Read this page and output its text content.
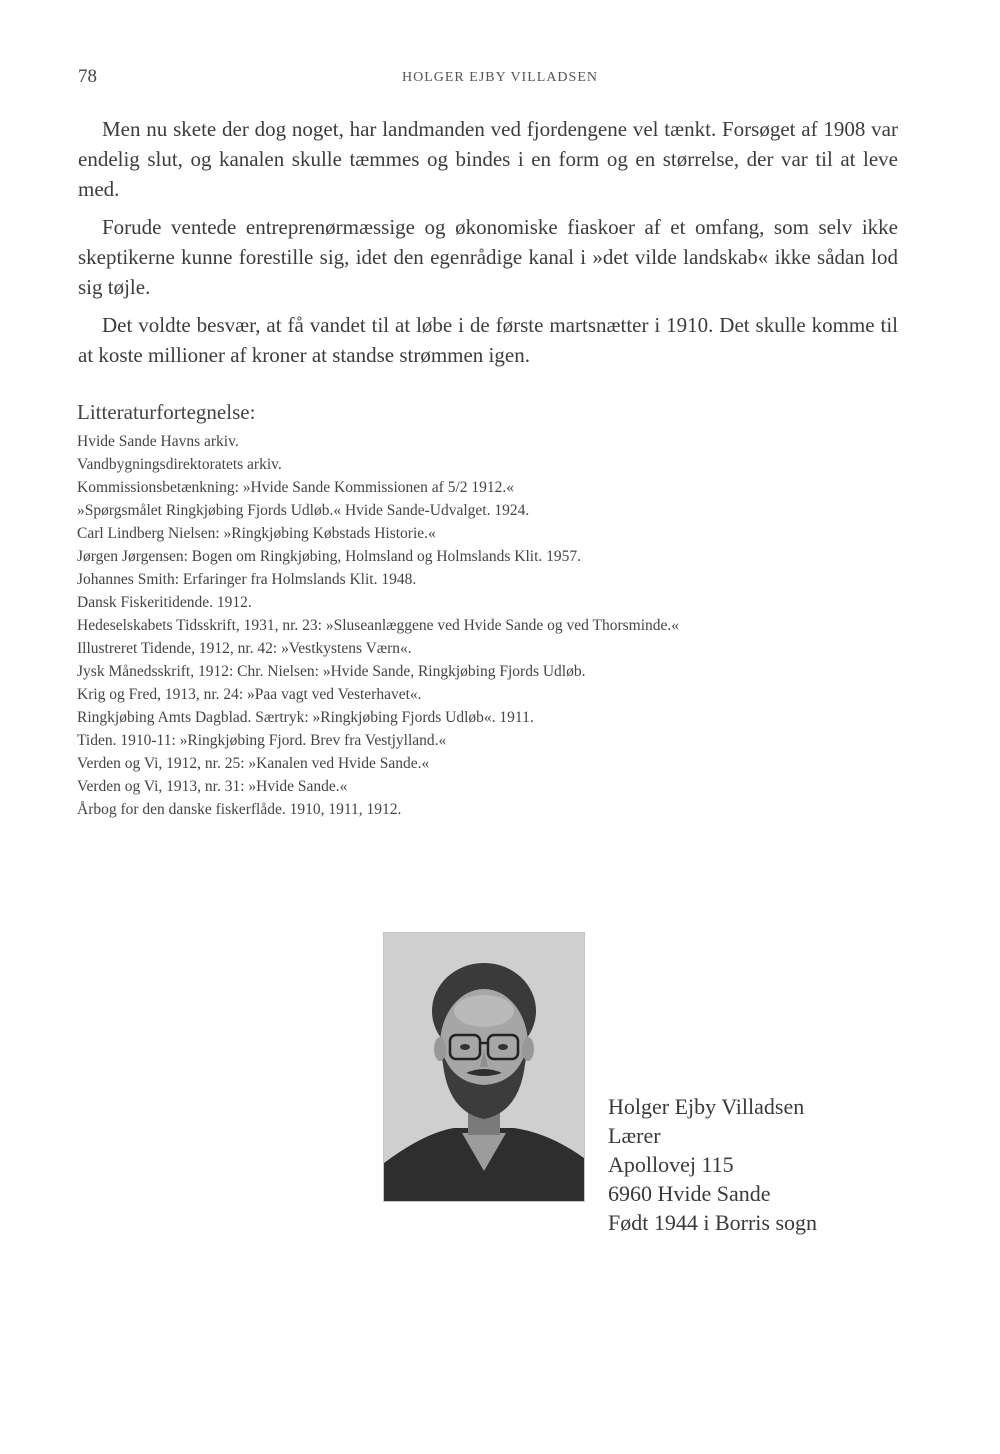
78	HOLGER EJBY VILLADSEN

Men nu skete der dog noget, har landmanden ved fjordengene vel tænkt. Forsøget af 1908 var endelig slut, og kanalen skulle tæmmes og bindes i en form og en størrelse, der var til at leve med.

Forude ventede entreprenørmæssige og økonomiske fiaskoer af et omfang, som selv ikke skeptikerne kunne forestille sig, idet den egenrådige kanal i »det vilde landskab« ikke sådan lod sig tøjle.

Det voldte besvær, at få vandet til at løbe i de første martsnætter i 1910. Det skulle komme til at koste millioner af kroner at standse strømmen igen.

Litteraturfortegnelse:
Hvide Sande Havns arkiv.
Vandbygningsdirektoratets arkiv.
Kommissionsbetænkning: »Hvide Sande Kommissionen af 5/2 1912.«
»Spørgsmålet Ringkjøbing Fjords Udløb.« Hvide Sande-Udvalget. 1924.
Carl Lindberg Nielsen: »Ringkjøbing Købstads Historie.«
Jørgen Jørgensen: Bogen om Ringkjøbing, Holmsland og Holmslands Klit. 1957.
Johannes Smith: Erfaringer fra Holmslands Klit. 1948.
Dansk Fiskeritidende. 1912.
Hedeselskabets Tidsskrift, 1931, nr. 23: »Sluseanlæggene ved Hvide Sande og ved Thorsminde.«
Illustreret Tidende, 1912, nr. 42: »Vestkystens Værn«.
Jysk Månedsskrift, 1912: Chr. Nielsen: »Hvide Sande, Ringkjøbing Fjords Udløb.
Krig og Fred, 1913, nr. 24: »Paa vagt ved Vesterhavet«.
Ringkjøbing Amts Dagblad. Særtryk: »Ringkjøbing Fjords Udløb«. 1911.
Tiden. 1910-11: »Ringkjøbing Fjord. Brev fra Vestjylland.«
Verden og Vi, 1912, nr. 25: »Kanalen ved Hvide Sande.«
Verden og Vi, 1913, nr. 31: »Hvide Sande.«
Årbog for den danske fiskerflåde. 1910, 1911, 1912.
Holger Ejby Villadsen
Lærer
Apollovej 115
6960 Hvide Sande
Født 1944 i Borris sogn
